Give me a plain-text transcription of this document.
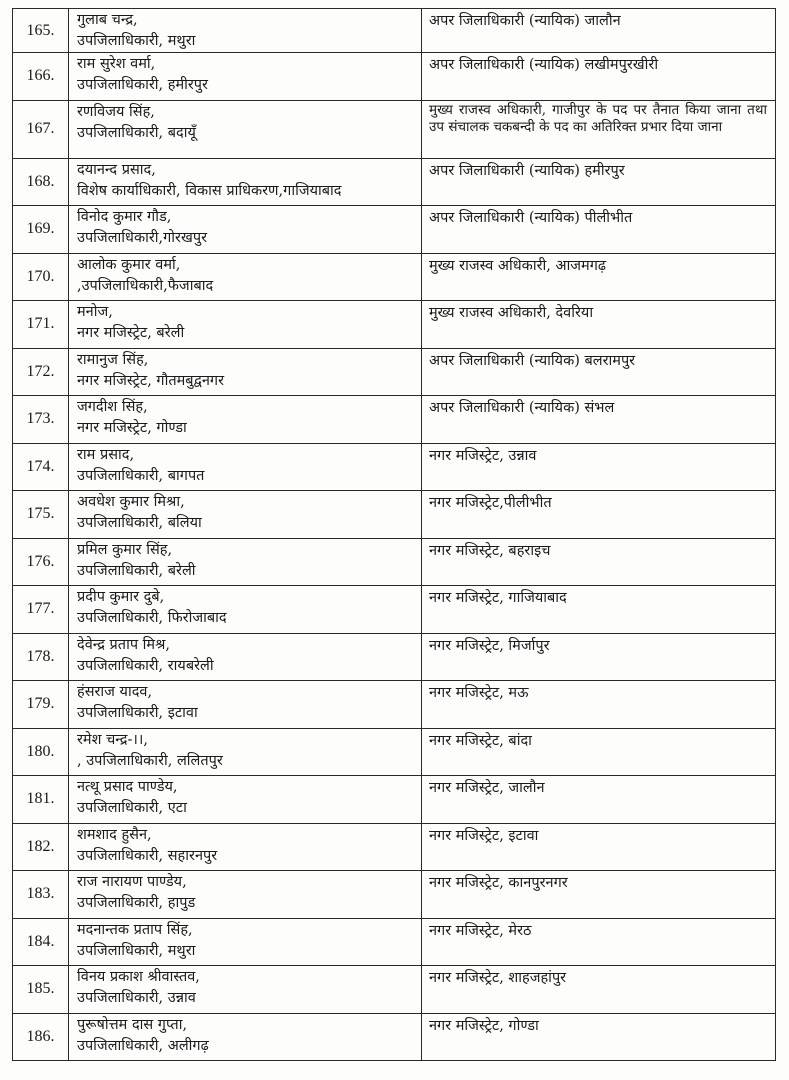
165.	गुलाब चन्द्र,
उपजिलाधिकारी, मथुरा	अपर जिलाधिकारी (न्यायिक) जालौन

166.	राम सुरेश वर्मा,
उपजिलाधिकारी, हमीरपुर	अपर जिलाधिकारी (न्यायिक) लखीमपुरखीरी

167.	रणविजय सिंह,
उपजिलाधिकारी, बदायूँ	मुख्य राजस्व अधिकारी, गाजीपुर के पद पर तैनात किया जाना तथा उप संचालक चकबन्दी के पद का अतिरिक्त प्रभार दिया जाना

168.	दयानन्द प्रसाद,
विशेष कार्याधिकारी, विकास प्राधिकरण,गाजियाबाद	अपर जिलाधिकारी (न्यायिक) हमीरपुर

169.	विनोद कुमार गौड,
उपजिलाधिकारी,गोरखपुर	अपर जिलाधिकारी (न्यायिक) पीलीभीत

170.	आलोक कुमार वर्मा,
,उपजिलाधिकारी,फैजाबाद	मुख्य राजस्व अधिकारी, आजमगढ़

171.	मनोज,
नगर मजिस्ट्रेट, बरेली	मुख्य राजस्व अधिकारी, देवरिया

172.	रामानुज सिंह,
नगर मजिस्ट्रेट, गौतमबुद्वनगर	अपर जिलाधिकारी (न्यायिक) बलरामपुर

173.	जगदीश सिंह,
नगर मजिस्ट्रेट, गोण्डा	अपर जिलाधिकारी (न्यायिक) संभल

174.	राम प्रसाद,
उपजिलाधिकारी, बागपत	नगर मजिस्ट्रेट, उन्नाव

175.	अवधेश कुमार मिश्रा,
उपजिलाधिकारी, बलिया	नगर मजिस्ट्रेट,पीलीभीत

176.	प्रमिल कुमार सिंह,
उपजिलाधिकारी, बरेली	नगर मजिस्ट्रेट, बहराइच

177.	प्रदीप कुमार दुबे,
उपजिलाधिकारी, फिरोजाबाद	नगर मजिस्ट्रेट, गाजियाबाद

178.	देवेन्द्र प्रताप मिश्र,
उपजिलाधिकारी, रायबरेली	नगर मजिस्ट्रेट, मिर्जापुर

179.	हंसराज यादव,
उपजिलाधिकारी, इटावा	नगर मजिस्ट्रेट, मऊ

180.	रमेश चन्द्र-।।,
, उपजिलाधिकारी, ललितपुर	नगर मजिस्ट्रेट, बांदा

181.	नत्थू प्रसाद पाण्डेय,
उपजिलाधिकारी, एटा	नगर मजिस्ट्रेट, जालौन

182.	शमशाद हुसैन,
उपजिलाधिकारी, सहारनपुर	नगर मजिस्ट्रेट, इटावा

183.	राज नारायण पाण्डेय,
उपजिलाधिकारी, हापुड	नगर मजिस्ट्रेट, कानपुरनगर

184.	मदनान्तक प्रताप सिंह,
उपजिलाधिकारी, मथुरा	नगर मजिस्ट्रेट, मेरठ

185.	विनय प्रकाश श्रीवास्तव,
उपजिलाधिकारी, उन्नाव	नगर मजिस्ट्रेट, शाहजहांपुर

186.	पुरूषोत्तम दास गुप्ता,
उपजिलाधिकारी, अलीगढ़	नगर मजिस्ट्रेट, गोण्डा
